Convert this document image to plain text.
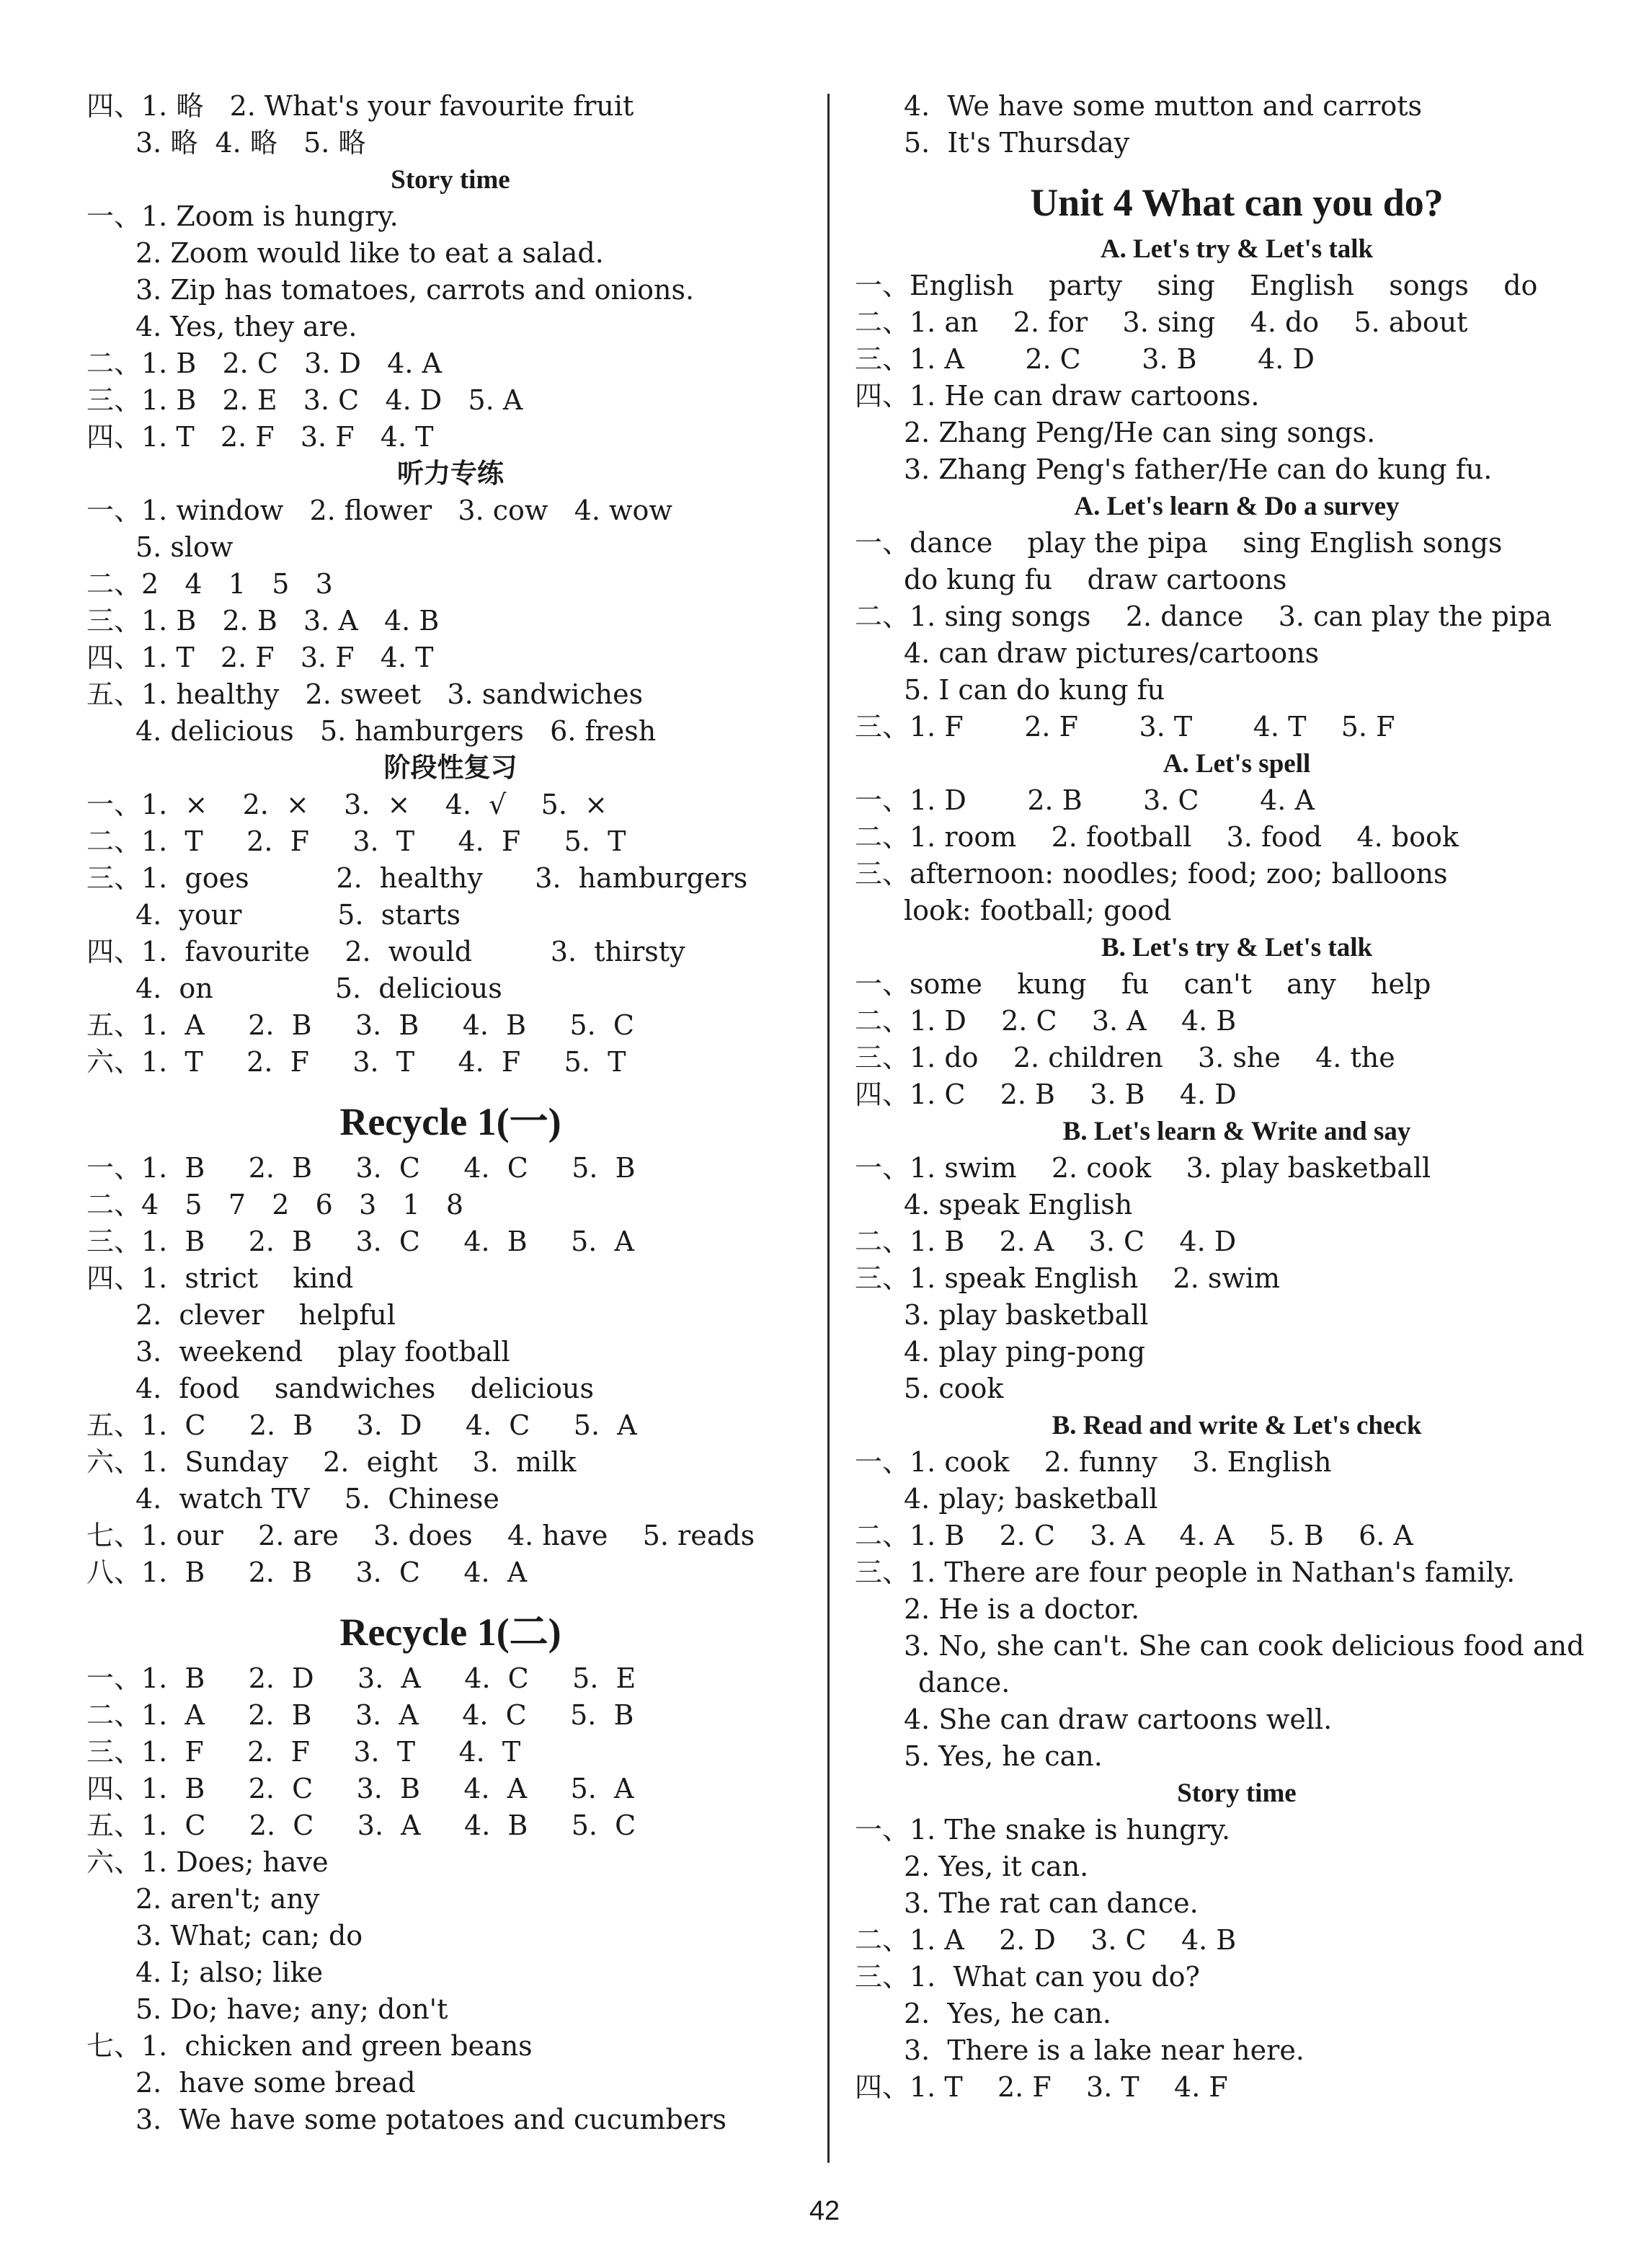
四、1. 略   2. What's your favourite fruit
3. 略  4. 略   5. 略
Story time
一、1. Zoom is hungry.
2. Zoom would like to eat a salad.
3. Zip has tomatoes, carrots and onions.
4. Yes, they are.
二、1. B   2. C   3. D   4. A
三、1. B   2. E   3. C   4. D   5. A
四、1. T   2. F   3. F   4. T
听力专练
一、1. window   2. flower   3. cow   4. wow
5. slow
二、2   4   1   5   3
三、1. B   2. B   3. A   4. B
四、1. T   2. F   3. F   4. T
五、1. healthy   2. sweet   3. sandwiches
4. delicious   5. hamburgers   6. fresh
阶段性复习
一、1.  ×    2.  ×    3.  ×    4.  √    5.  ×
二、1.  T     2.  F     3.  T     4.  F     5.  T
三、1.  goes          2.  healthy      3.  hamburgers
4.  your           5.  starts
四、1.  favourite    2.  would         3.  thirsty
4.  on              5.  delicious
五、1.  A     2.  B     3.  B     4.  B     5.  C
六、1.  T     2.  F     3.  T     4.  F     5.  T
Recycle 1(一)
一、1.  B     2.  B     3.  C     4.  C     5.  B
二、4   5   7   2   6   3   1   8
三、1.  B     2.  B     3.  C     4.  B     5.  A
四、1.  strict    kind
2.  clever    helpful
3.  weekend    play football
4.  food    sandwiches    delicious
五、1.  C     2.  B     3.  D     4.  C     5.  A
六、1.  Sunday    2.  eight    3.  milk
4.  watch TV    5.  Chinese
七、1. our    2. are    3. does    4. have    5. reads
八、1.  B     2.  B     3.  C     4.  A
Recycle 1(二)
一、1.  B     2.  D     3.  A     4.  C     5.  E
二、1.  A     2.  B     3.  A     4.  C     5.  B
三、1.  F     2.  F     3.  T     4.  T
四、1.  B     2.  C     3.  B     4.  A     5.  A
五、1.  C     2.  C     3.  A     4.  B     5.  C
六、1. Does; have
2. aren't; any
3. What; can; do
4. I; also; like
5. Do; have; any; don't
七、1.  chicken and green beans
2.  have some bread
3.  We have some potatoes and cucumbers
4.  We have some mutton and carrots
5.  It's Thursday
Unit 4 What can you do?
A. Let's try & Let's talk
一、English    party    sing    English    songs    do
二、1. an    2. for    3. sing    4. do    5. about
三、1. A       2. C       3. B       4. D
四、1. He can draw cartoons.
2. Zhang Peng/He can sing songs.
3. Zhang Peng's father/He can do kung fu.
A. Let's learn & Do a survey
一、dance    play the pipa    sing English songs
do kung fu    draw cartoons
二、1. sing songs    2. dance    3. can play the pipa
4. can draw pictures/cartoons
5. I can do kung fu
三、1. F       2. F       3. T       4. T    5. F
A. Let's spell
一、1. D       2. B       3. C       4. A
二、1. room    2. football    3. food    4. book
三、afternoon: noodles; food; zoo; balloons
look: football; good
B. Let's try & Let's talk
一、some    kung    fu    can't    any    help
二、1. D    2. C    3. A    4. B
三、1. do    2. children    3. she    4. the
四、1. C    2. B    3. B    4. D
B. Let's learn & Write and say
一、1. swim    2. cook    3. play basketball
4. speak English
二、1. B    2. A    3. C    4. D
三、1. speak English    2. swim
3. play basketball
4. play ping-pong
5. cook
B. Read and write & Let's check
一、1. cook    2. funny    3. English
4. play; basketball
二、1. B    2. C    3. A    4. A    5. B    6. A
三、1. There are four people in Nathan's family.
2. He is a doctor.
3. No, she can't. She can cook delicious food and
dance.
4. She can draw cartoons well.
5. Yes, he can.
Story time
一、1. The snake is hungry.
2. Yes, it can.
3. The rat can dance.
二、1. A    2. D    3. C    4. B
三、1.  What can you do?
2.  Yes, he can.
3.  There is a lake near here.
四、1. T    2. F    3. T    4. F
42
